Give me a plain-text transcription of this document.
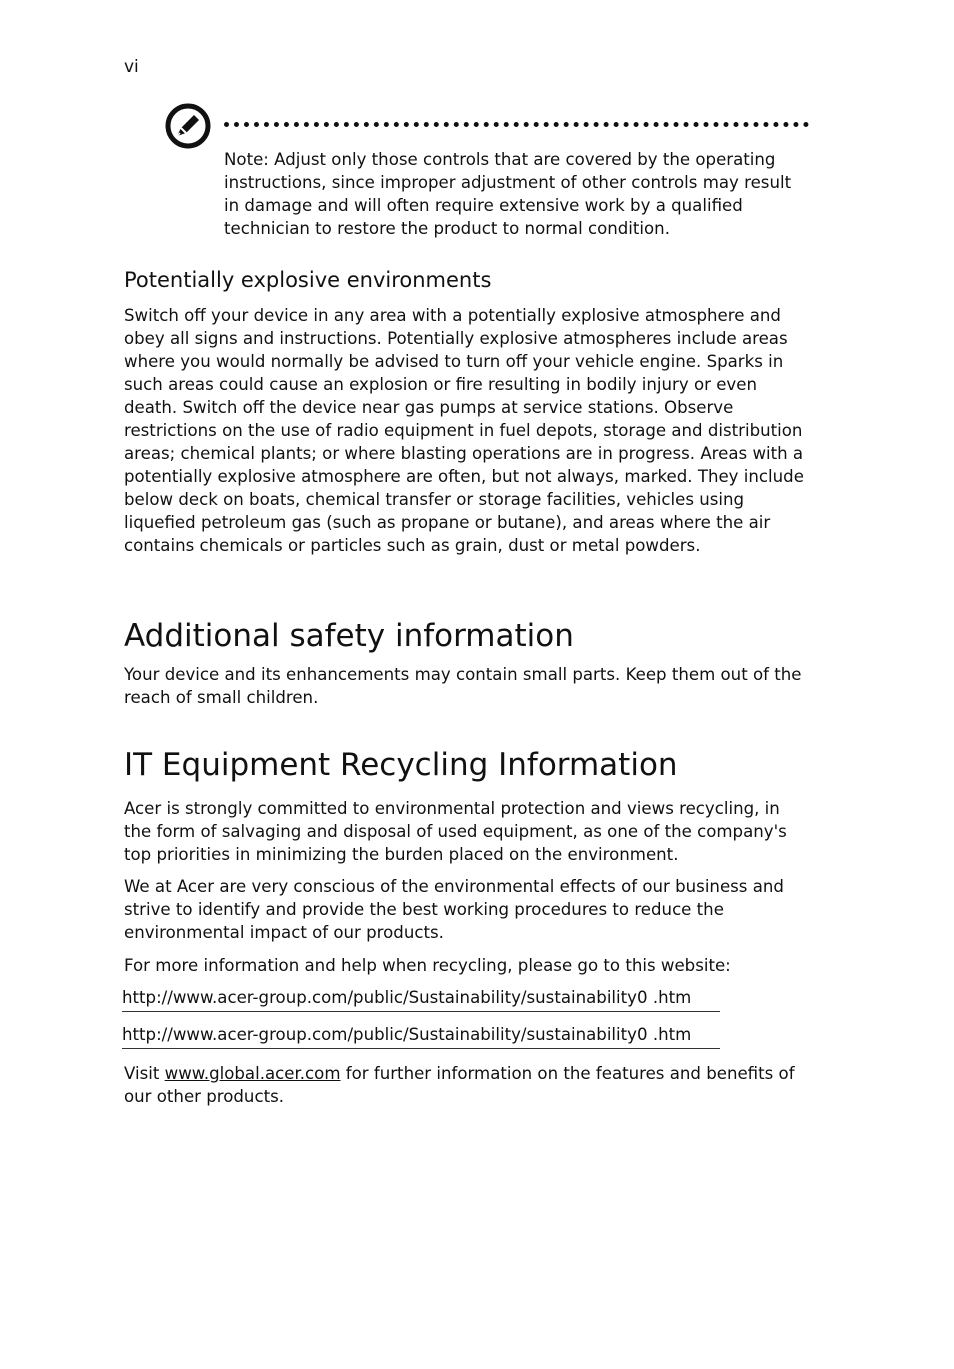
vi
Note: Adjust only those controls that are covered by the operating instructions, since improper adjustment of other controls may result in damage and will often require extensive work by a qualified technician to restore the product to normal condition.
Potentially explosive environments

Switch off your device in any area with a potentially explosive atmosphere and obey all signs and instructions. Potentially explosive atmospheres include areas where you would normally be advised to turn off your vehicle engine. Sparks in such areas could cause an explosion or fire resulting in bodily injury or even death. Switch off the device near gas pumps at service stations. Observe restrictions on the use of radio equipment in fuel depots, storage and distribution areas; chemical plants; or where blasting operations are in progress. Areas with a potentially explosive atmosphere are often, but not always, marked. They include below deck on boats, chemical transfer or storage facilities, vehicles using liquefied petroleum gas (such as propane or butane), and areas where the air contains chemicals or particles such as grain, dust or metal powders.

Additional safety information

Your device and its enhancements may contain small parts. Keep them out of the reach of small children.

IT Equipment Recycling Information

Acer is strongly committed to environmental protection and views recycling, in the form of salvaging and disposal of used equipment, as one of the company's top priorities in minimizing the burden placed on the environment.

We at Acer are very conscious of the environmental effects of our business and strive to identify and provide the best working procedures to reduce the environmental impact of our products.

For more information and help when recycling, please go to this website:

http://www.acer-group.com/public/Sustainability/sustainability0 .htm
http://www.acer-group.com/public/Sustainability/sustainability0 .htm

Visit www.global.acer.com for further information on the features and benefits of our other products.
